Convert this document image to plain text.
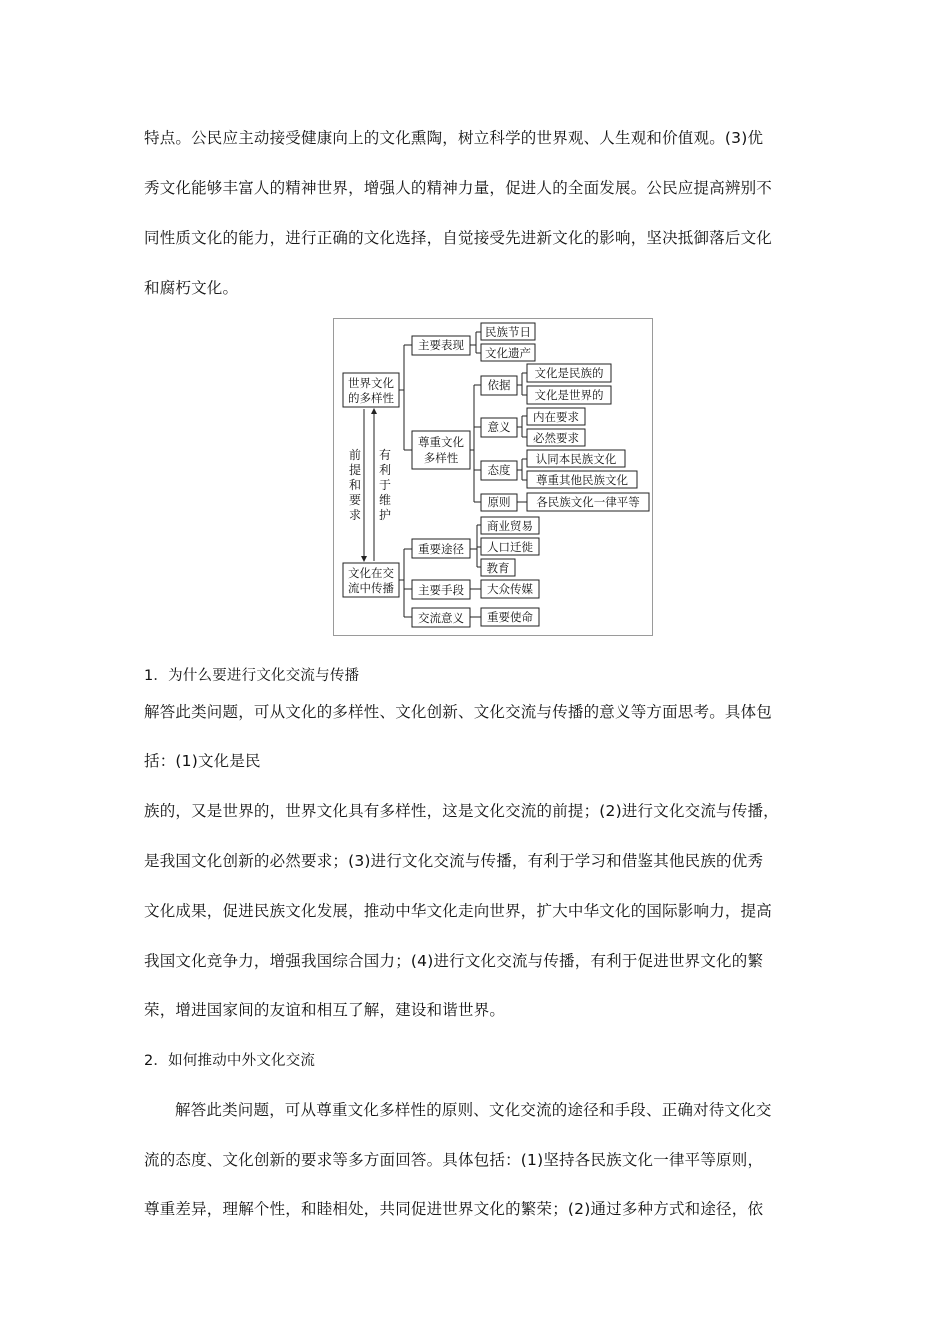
特点。公民应主动接受健康向上的文化熏陶，树立科学的世界观、人生观和价值观。(3)优
秀文化能够丰富人的精神世界，增强人的精神力量，促进人的全面发展。公民应提高辨别不
同性质文化的能力，进行正确的文化选择，自觉接受先进新文化的影响，坚决抵御落后文化
和腐朽文化。
世界文化
的多样性
文化在交
流中传播
前
提
和
要
求
有
利
于
维
护
主要表现
民族节日
文化遗产
尊重文化
多样性
依据
文化是民族的
文化是世界的
意义
内在要求
必然要求
态度
认同本民族文化
尊重其他民族文化
原则 各民族文化一律平等
重要途径
商业贸易
人口迁徙
教育
主要手段 大众传媒
交流意义 重要使命
1．为什么要进行文化交流与传播
解答此类问题，可从文化的多样性、文化创新、文化交流与传播的意义等方面思考。具体包
括：(1)文化是民
族的，又是世界的，世界文化具有多样性，这是文化交流的前提；(2)进行文化交流与传播，
是我国文化创新的必然要求；(3)进行文化交流与传播，有利于学习和借鉴其他民族的优秀
文化成果，促进民族文化发展，推动中华文化走向世界，扩大中华文化的国际影响力，提高
我国文化竞争力，增强我国综合国力；(4)进行文化交流与传播，有利于促进世界文化的繁
荣，增进国家间的友谊和相互了解，建设和谐世界。
2．如何推动中外文化交流
解答此类问题，可从尊重文化多样性的原则、文化交流的途径和手段、正确对待文化交
流的态度、文化创新的要求等多方面回答。具体包括：(1)坚持各民族文化一律平等原则，
尊重差异，理解个性，和睦相处，共同促进世界文化的繁荣；(2)通过多种方式和途径，依
